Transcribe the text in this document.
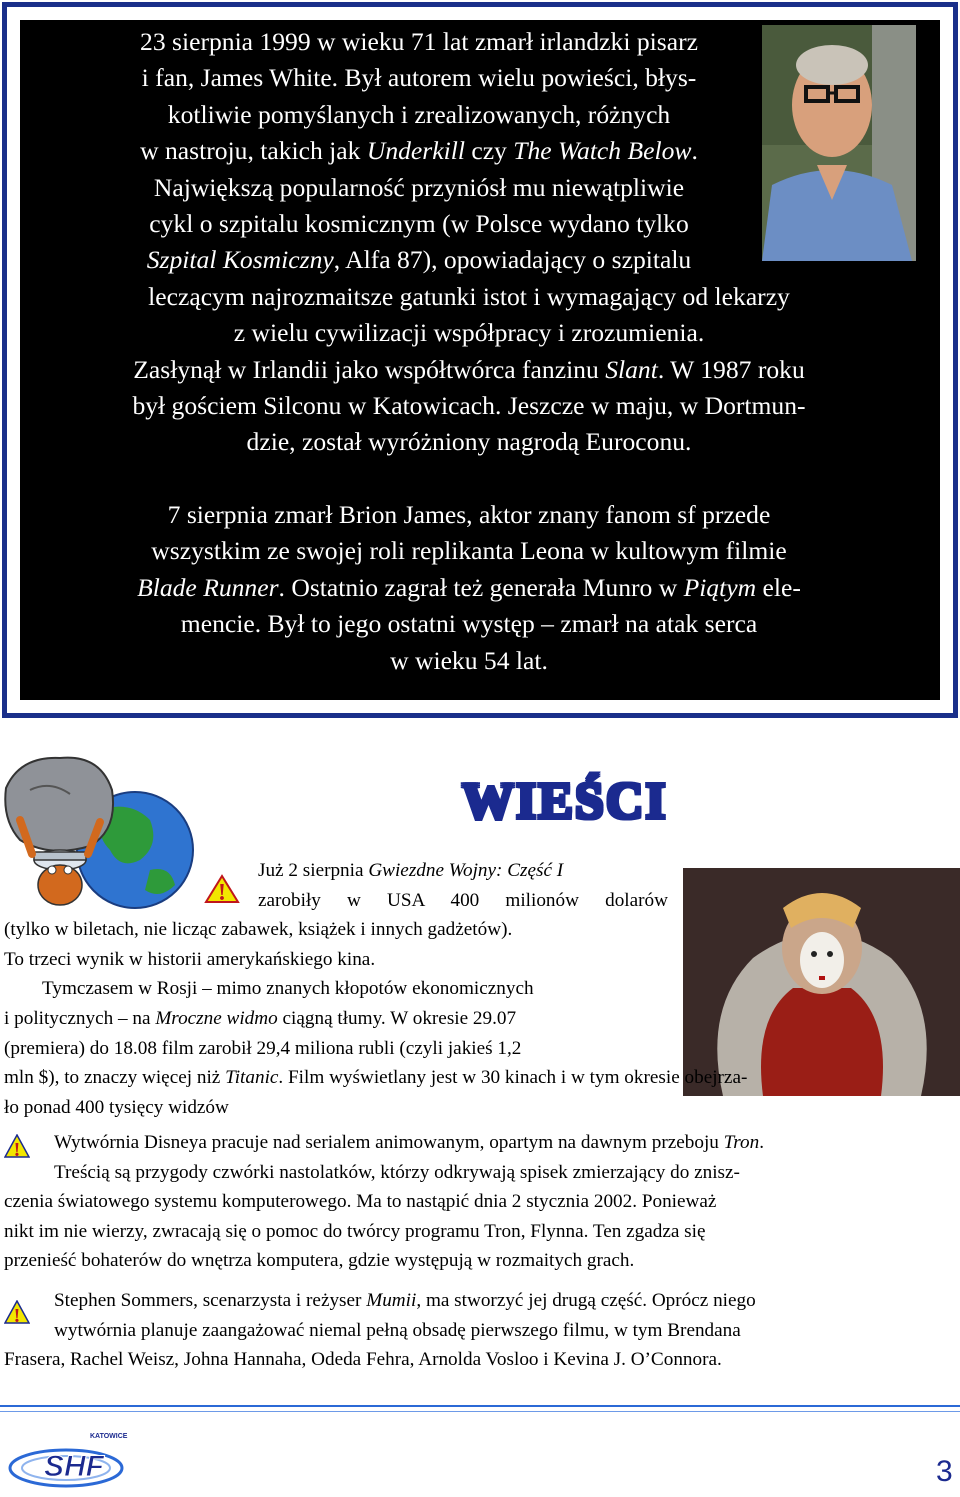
23 sierpnia 1999 w wieku 71 lat zmarł irlandzki pisarz
i fan, James White. Był autorem wielu powieści, błys-
kotliwie pomyślanych i zrealizowanych, różnych
w nastroju, takich jak Underkill czy The Watch Below.
Największą popularność przyniósł mu niewątpliwie
cykl o szpitalu kosmicznym (w Polsce wydano tylko
Szpital Kosmiczny, Alfa 87), opowiadający o szpitalu
leczącym najrozmaitsze gatunki istot i wymagający od lekarzy
z wielu cywilizacji współpracy i zrozumienia.
Zasłynął w Irlandii jako współtwórca fanzinu Slant. W 1987 roku
był gościem Silconu w Katowicach. Jeszcze w maju, w Dortmun-
dzie, został wyróżniony nagrodą Euroconu.

7 sierpnia zmarł Brion James, aktor znany fanom sf przede
wszystkim ze swojej roli replikanta Leona w kultowym filmie
Blade Runner. Ostatnio zagrał też generała Munro w Piątym ele-
mencie. Był to jego ostatni występ – zmarł na atak serca
w wieku 54 lat.

WIEŚCI

Już 2 sierpnia Gwiezdne Wojny: Część I

zarobiły w USA 400 milionów dolarów

(tylko w biletach, nie licząc zabawek, książek i innych gadżetów).

To trzeci wynik w historii amerykańskiego kina.

Tymczasem w Rosji – mimo znanych kłopotów ekonomicznych

i politycznych – na Mroczne widmo ciągną tłumy. W okresie 29.07

(premiera) do 18.08 film zarobił 29,4 miliona rubli (czyli jakieś 1,2

mln $), to znaczy więcej niż Titanic. Film wyświetlany jest w 30 kinach i w tym okresie obejrza-

ło ponad 400 tysięcy widzów

Wytwórnia Disneya pracuje nad serialem animowanym, opartym na dawnym przeboju Tron.

Treścią są przygody czwórki nastolatków, którzy odkrywają spisek zmierzający do znisz-

czenia światowego systemu komputerowego. Ma to nastąpić dnia 2 stycznia 2002. Ponieważ

nikt im nie wierzy, zwracają się o pomoc do twórcy programu Tron, Flynna. Ten zgadza się

przenieść bohaterów do wnętrza komputera, gdzie występują w rozmaitych grach.

Stephen Sommers, scenarzysta i reżyser Mumii, ma stworzyć jej drugą część. Oprócz niego

wytwórnia planuje zaangażować niemal pełną obsadę pierwszego filmu, w tym Brendana

Frasera, Rachel Weisz, Johna Hannaha, Odeda Fehra, Arnolda Vosloo i Kevina J. O’Connora.

!
!
!
SHF
KATOWICE
3
